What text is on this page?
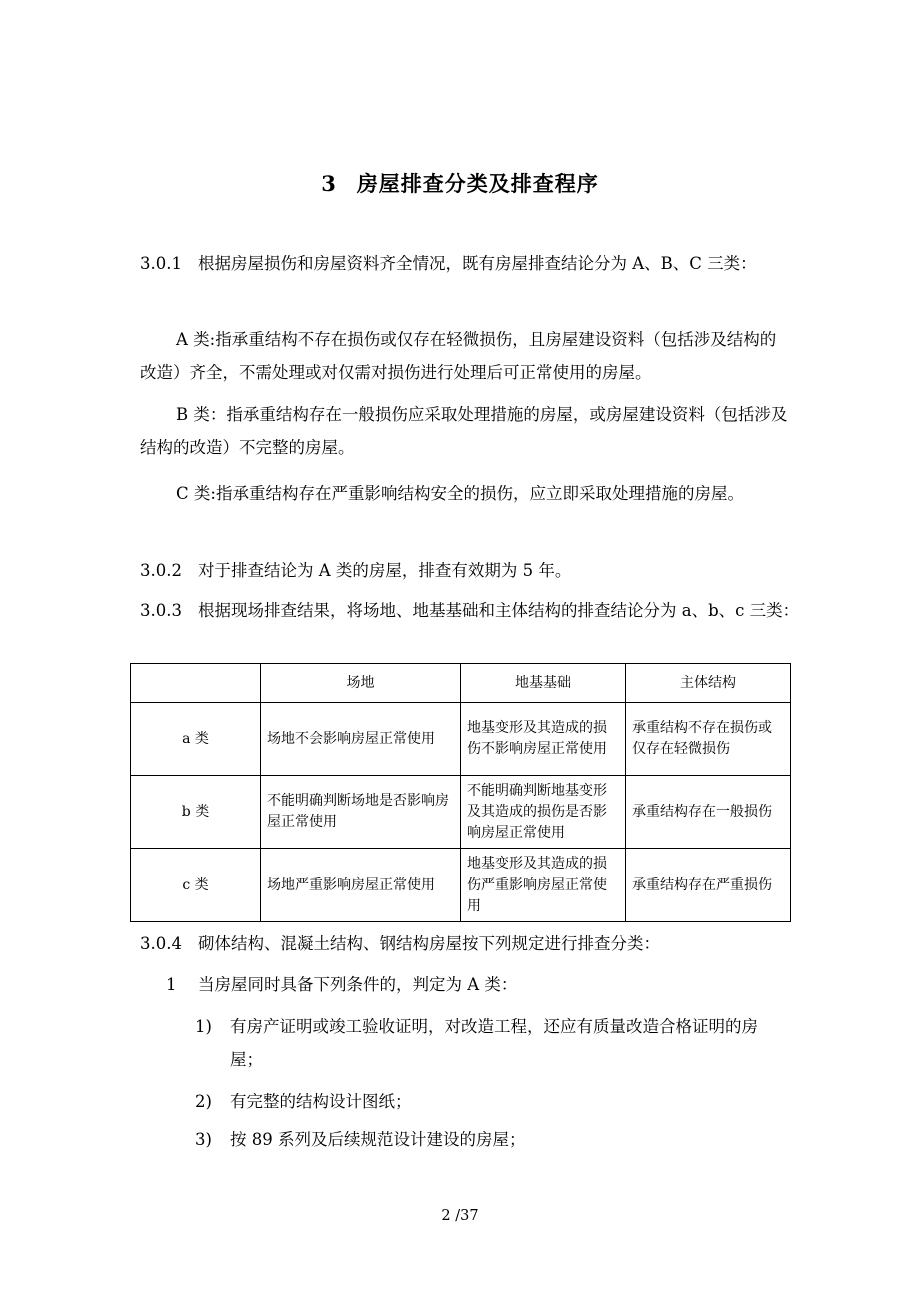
3 房屋排查分类及排查程序
3.0.1 根据房屋损伤和房屋资料齐全情况，既有房屋排查结论分为 A、B、C 三类：
A 类:指承重结构不存在损伤或仅存在轻微损伤，且房屋建设资料（包括涉及结构的改造）齐全，不需处理或对仅需对损伤进行处理后可正常使用的房屋。
B 类：指承重结构存在一般损伤应采取处理措施的房屋，或房屋建设资料（包括涉及结构的改造）不完整的房屋。
C 类:指承重结构存在严重影响结构安全的损伤，应立即采取处理措施的房屋。
3.0.2 对于排查结论为 A 类的房屋，排查有效期为 5 年。
3.0.3 根据现场排查结果，将场地、地基基础和主体结构的排查结论分为 a、b、c 三类：
	场地	地基基础	主体结构
a 类	场地不会影响房屋正常使用	地基变形及其造成的损伤不影响房屋正常使用	承重结构不存在损伤或仅存在轻微损伤
b 类	不能明确判断场地是否影响房屋正常使用	不能明确判断地基变形及其造成的损伤是否影响房屋正常使用	承重结构存在一般损伤
c 类	场地严重影响房屋正常使用	地基变形及其造成的损伤严重影响房屋正常使用	承重结构存在严重损伤
3.0.4 砌体结构、混凝土结构、钢结构房屋按下列规定进行排查分类：
1 当房屋同时具备下列条件的，判定为 A 类：
1) 有房产证明或竣工验收证明，对改造工程，还应有质量改造合格证明的房屋；
2) 有完整的结构设计图纸；
3) 按 89 系列及后续规范设计建设的房屋；
2 /37
